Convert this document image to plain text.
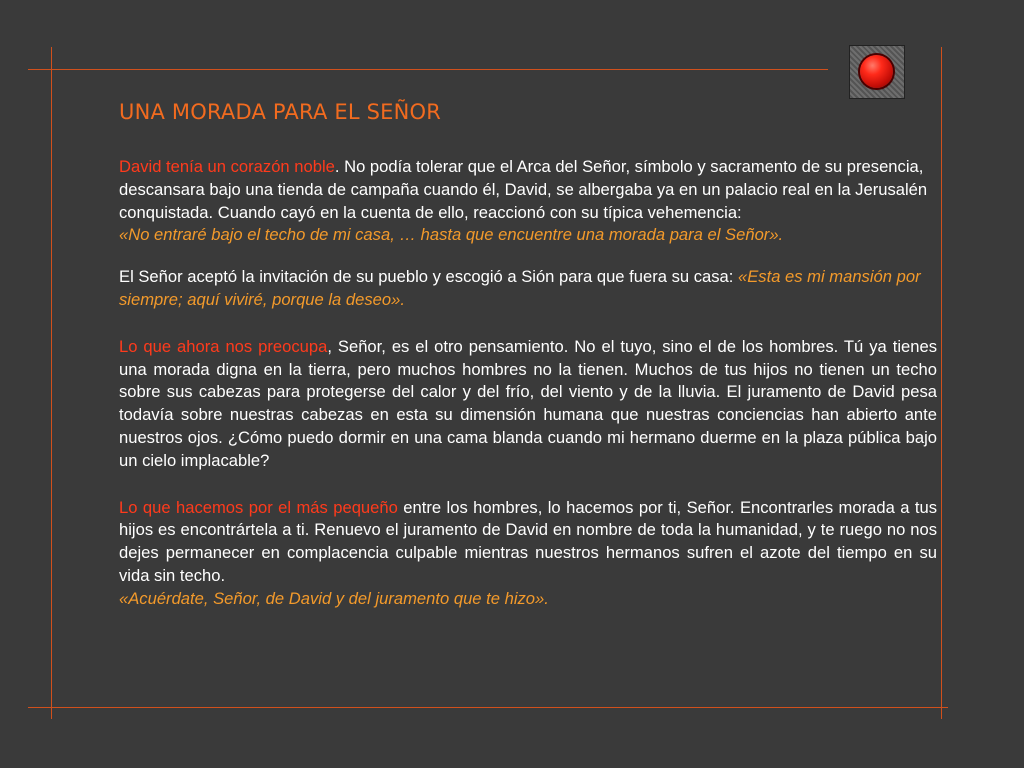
UNA MORADA PARA EL SEÑOR

David tenía un corazón noble. No podía tolerar que el Arca del Señor, símbolo y sacramento de su presencia, descansara bajo una tienda de campaña cuando él, David, se albergaba ya en un palacio real en la Jerusalén conquistada. Cuando cayó en la cuenta de ello, reaccionó con su típica vehemencia:

«No entraré bajo el techo de mi casa, … hasta que encuentre una morada para el Señor».

El Señor aceptó la invitación de su pueblo y escogió a Sión para que fuera su casa: «Esta es mi mansión por siempre; aquí viviré, porque la deseo».

Lo que ahora nos preocupa, Señor, es el otro pensamiento. No el tuyo, sino el de los hombres. Tú ya tienes una morada digna en la tierra, pero muchos hombres no la tienen. Muchos de tus hijos no tienen un techo sobre sus cabezas para protegerse del calor y del frío, del viento y de la lluvia. El juramento de David pesa todavía sobre nuestras cabezas en esta su dimensión humana que nuestras conciencias han abierto ante nuestros ojos. ¿Cómo puedo dormir en una cama blanda cuando mi hermano duerme en la plaza pública bajo un cielo implacable?

Lo que hacemos por el más pequeño entre los hombres, lo hacemos por ti, Señor. Encontrarles morada a tus hijos es encontrártela a ti. Renuevo el juramento de David en nombre de toda la humanidad, y te ruego no nos dejes permanecer en complacencia culpable mientras nuestros hermanos sufren el azote del tiempo en su vida sin techo.

«Acuérdate, Señor, de David y del juramento que te hizo».
